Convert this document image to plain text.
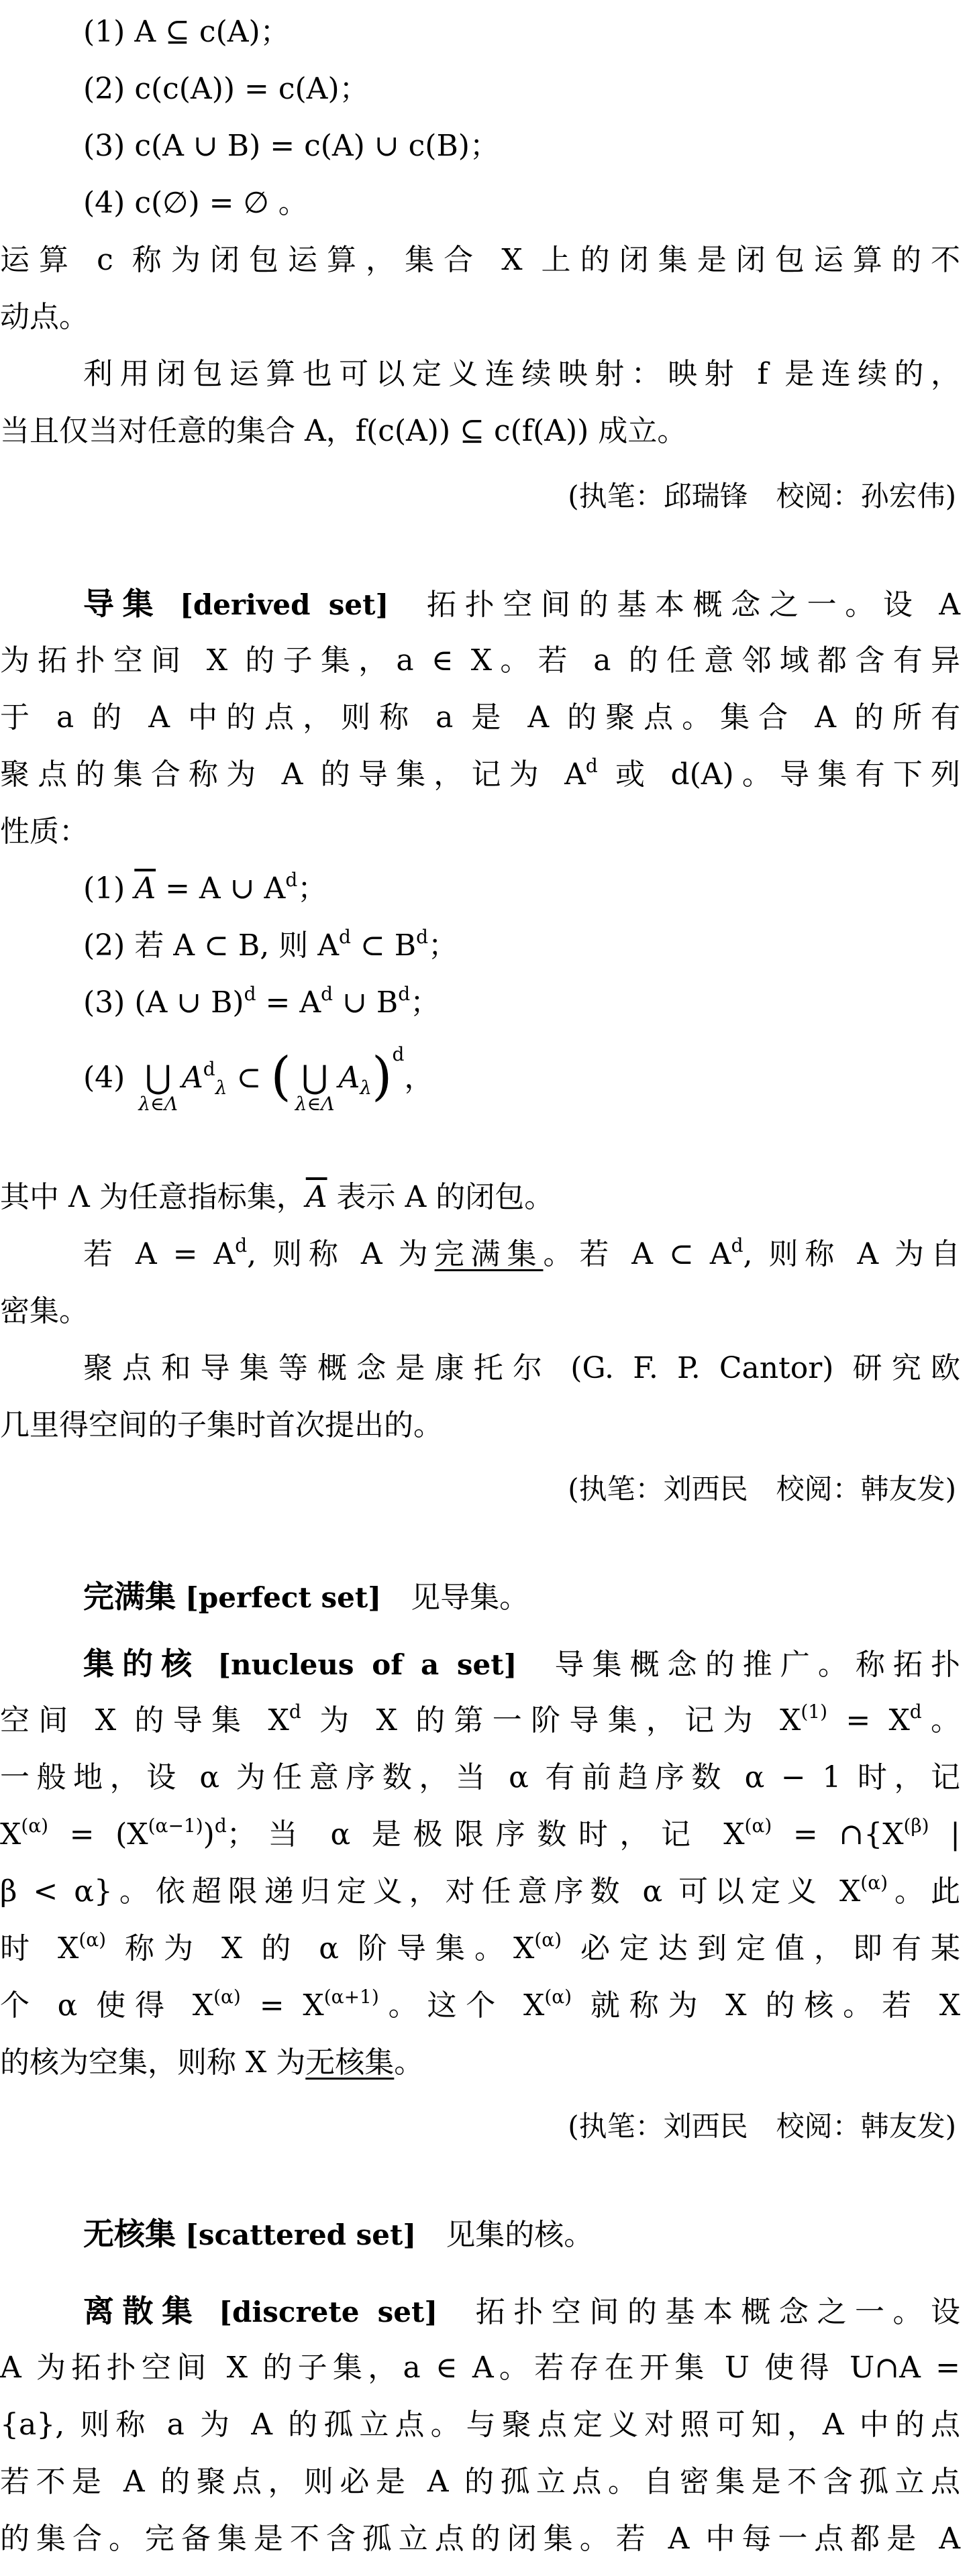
(1) A ⊆ c(A)；

(2) c(c(A)) = c(A)；

(3) c(A ∪ B) = c(A) ∪ c(B)；

(4) c(∅) = ∅ 。

运算 c 称为闭包运算，集合 X 上的闭集是闭包运算的不

动点。

利用闭包运算也可以定义连续映射：映射 f 是连续的，

当且仅当对任意的集合 A，f(c(A)) ⊆ c(f(A)) 成立。

(执笔：邱瑞锋　校阅：孙宏伟)

导集 [derived set] 拓扑空间的基本概念之一。设 A

为拓扑空间 X 的子集，a ∈ X。若 a 的任意邻域都含有异

于 a 的 A 中的点，则称 a 是 A 的聚点。集合 A 的所有

聚点的集合称为 A 的导集，记为 $A^d$ 或 d(A)。导集有下列

性质：

(1) $\overline{A} = A$ ∪ $A^d$；

(2) 若 A ⊂ B, 则 $A^d$ ⊂ $B^d$；

(3) (A ∪ $B)^d = A^d$ ∪ $B^d$；

(4) ⋃
λ∈Λ
$A^d_\lambda$ ⊂ ( ⋃
λ∈Λ
$A_\lambda)^d$，

其中 Λ 为任意指标集，$\overline{A}$ 表示 A 的闭包。

若 $A = A^d$, 则称 A 为完满集。若 A ⊂ $A^d$, 则称 A 为自

密集。

聚点和导集等概念是康托尔 (G. F. P. Cantor) 研究欧

几里得空间的子集时首次提出的。

(执笔：刘西民　校阅：韩友发)

完满集 [perfect set] 见导集。

集的核 [nucleus of a set] 导集概念的推广。称拓扑

空间 X 的导集 $X^d$ 为 X 的第一阶导集，记为 $X^{(1)} = X^d$。

一般地，设 α 为任意序数，当 α 有前趋序数 α − 1 时，记

$X^{(\alpha)} = (X^{(\alpha-1)})^d$；当 α 是极限序数时，记 $X^{(\alpha)}$ = $\cap\{X^{(\beta)}$ |

β < α}。依超限递归定义，对任意序数 α 可以定义 $X^{(\alpha)}$。此

时 $X^{(\alpha)}$ 称为 X 的 α 阶导集。$X^{(\alpha)}$ 必定达到定值，即有某

个 α 使得 $X^{(\alpha)} = X^{(\alpha+1)}$。这个 $X^{(\alpha)}$ 就称为 X 的核。若 X

的核为空集，则称 X 为无核集。

(执笔：刘西民　校阅：韩友发)

无核集 [scattered set] 见集的核。

离散集 [discrete set] 拓扑空间的基本概念之一。设

A 为拓扑空间 X 的子集，a ∈ A。若存在开集 U 使得 U∩A =

{a}, 则称 a 为 A 的孤立点。与聚点定义对照可知，A 中的点

若不是 A 的聚点，则必是 A 的孤立点。自密集是不含孤立点

的集合。完备集是不含孤立点的闭集。若 A 中每一点都是 A
